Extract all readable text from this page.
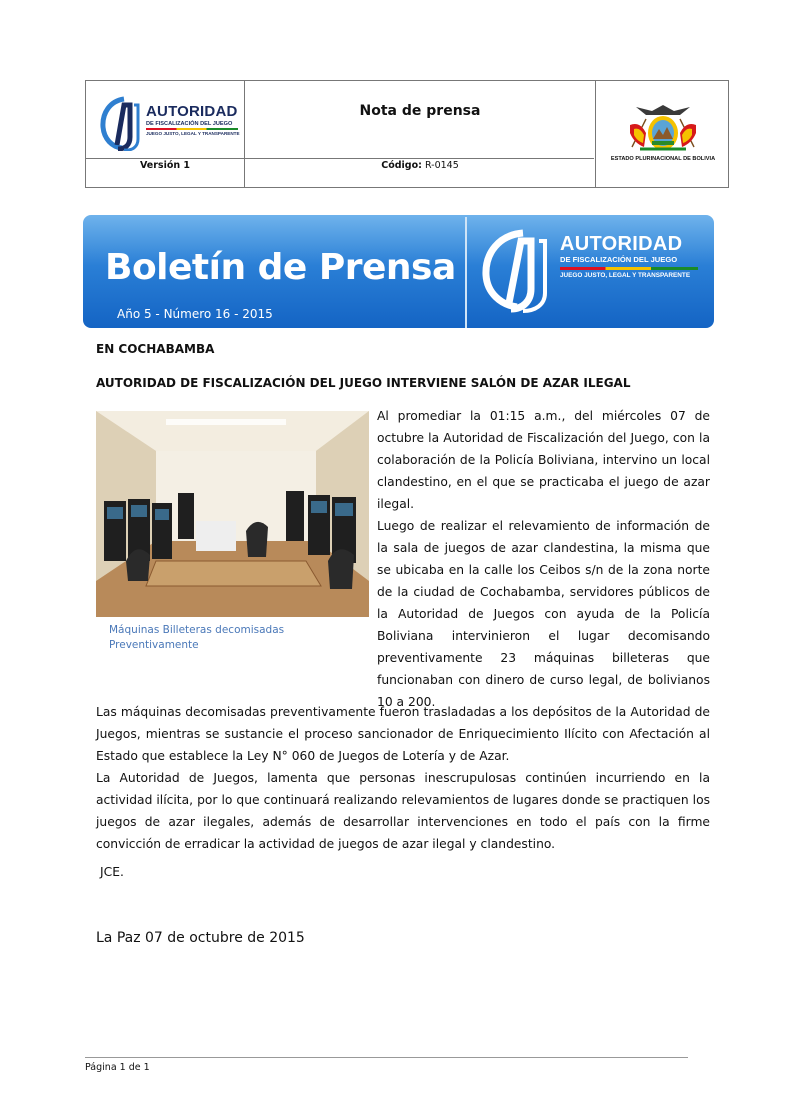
AUTORIDAD
DE FISCALIZACIÓN DEL JUEGO
JUEGO JUSTO, LEGAL Y TRANSPARENTE
Nota de prensa
Versión 1	Código: R-0145
ESTADO PLURINACIONAL DE BOLIVIA
Boletín de Prensa
Año 5 - Número 16 - 2015
AUTORIDAD
DE FISCALIZACIÓN DEL JUEGO
JUEGO JUSTO, LEGAL Y TRANSPARENTE
EN COCHABAMBA
AUTORIDAD DE FISCALIZACIÓN DEL JUEGO INTERVIENE SALÓN DE AZAR ILEGAL
Máquinas Billeteras decomisadas
Preventivamente
Al promediar la 01:15 a.m., del miércoles 07 de octubre la Autoridad de Fiscalización del Juego, con la colaboración de la Policía Boliviana, intervino un local clandestino, en el que se practicaba el juego de azar ilegal.
Luego de realizar el relevamiento de información de la sala de juegos de azar clandestina, la misma que se ubicaba en la calle los Ceibos s/n de la zona norte de la ciudad de Cochabamba, servidores públicos de la Autoridad de Juegos con ayuda de la Policía Boliviana intervinieron el lugar decomisando preventivamente 23 máquinas billeteras que funcionaban con dinero de curso legal, de bolivianos 10 a 200.
Las máquinas decomisadas preventivamente fueron trasladadas a los depósitos de la Autoridad de Juegos, mientras se sustancie el proceso sancionador de Enriquecimiento Ilícito con Afectación al Estado que establece la Ley N° 060 de Juegos de Lotería y de Azar.
La Autoridad de Juegos, lamenta que personas inescrupulosas continúen incurriendo en la actividad ilícita, por lo que continuará realizando relevamientos de lugares donde se practiquen los juegos de azar ilegales, además de desarrollar intervenciones en todo el país con la firme convicción de erradicar la actividad de juegos de azar ilegal y clandestino.
JCE.
La Paz 07 de octubre de 2015
Página 1 de 1
